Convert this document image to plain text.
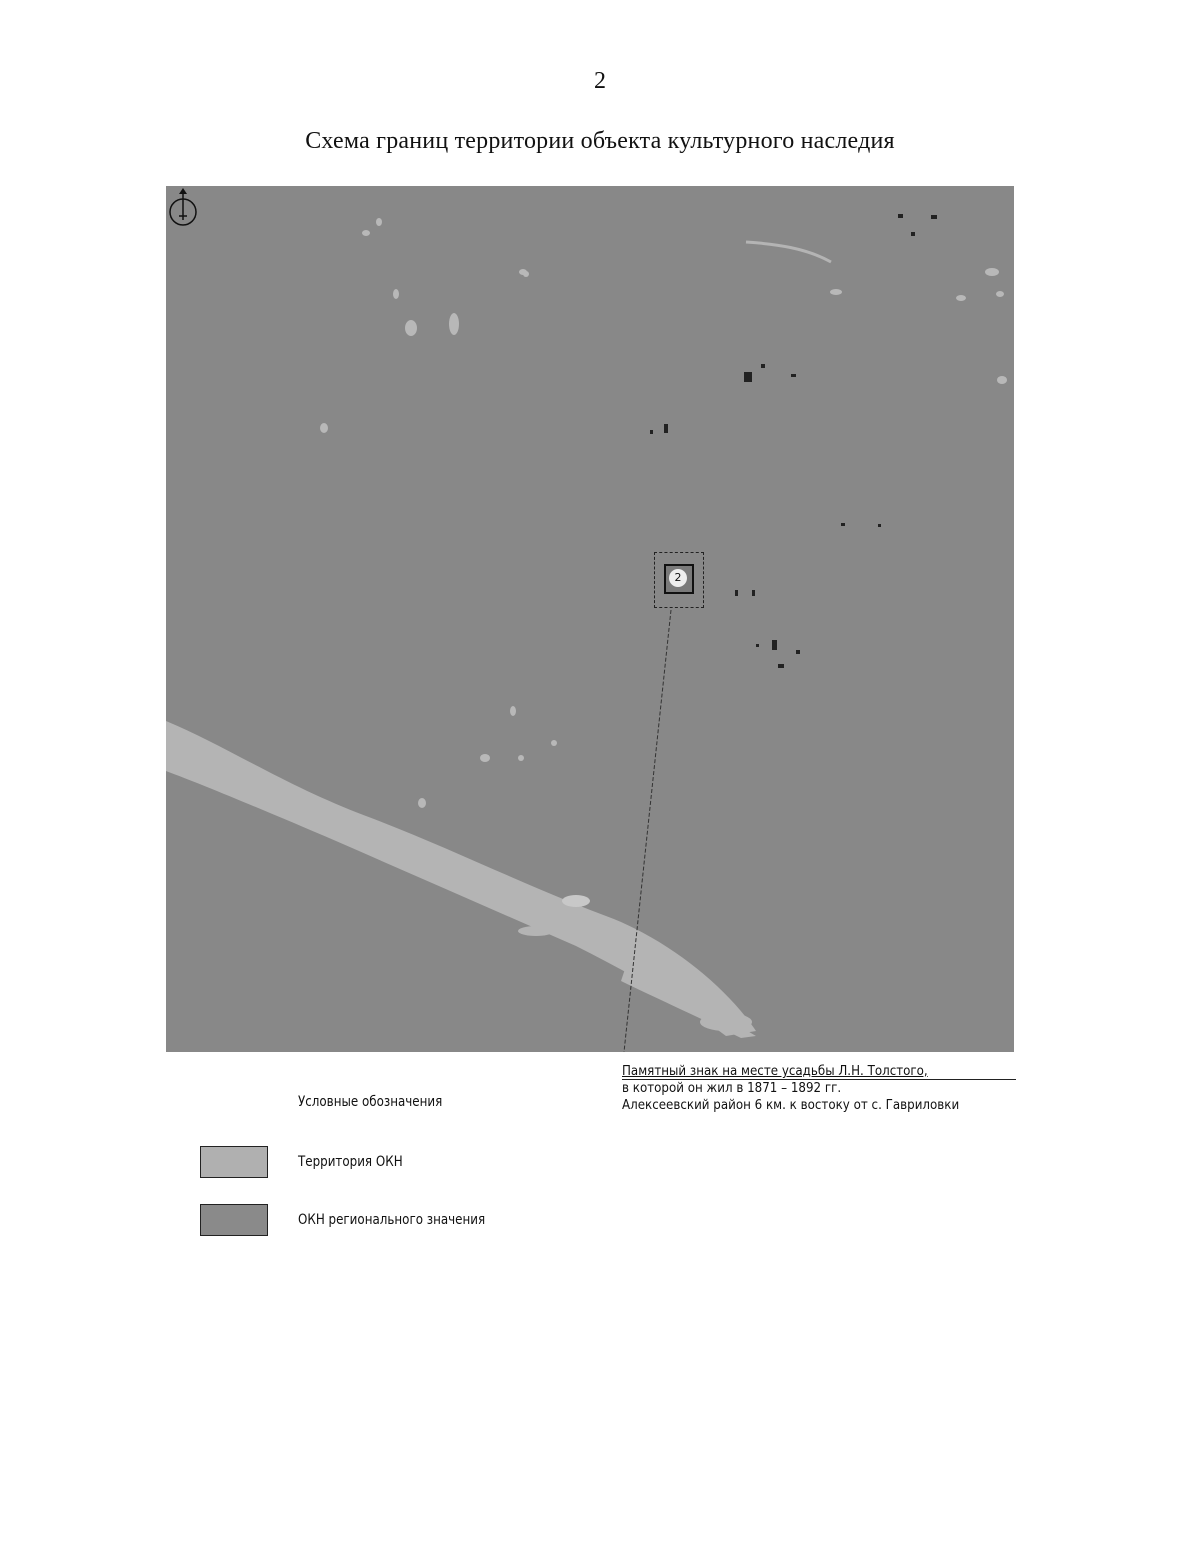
2
Схема границ территории объекта культурного наследия
2
Памятный знак на месте усадьбы Л.Н. Толстого,
в которой он жил в 1871 – 1892 гг.
Алексеевский район 6 км. к востоку от с. Гавриловки
Условные обозначения
Территория ОКН
ОКН регионального значения
